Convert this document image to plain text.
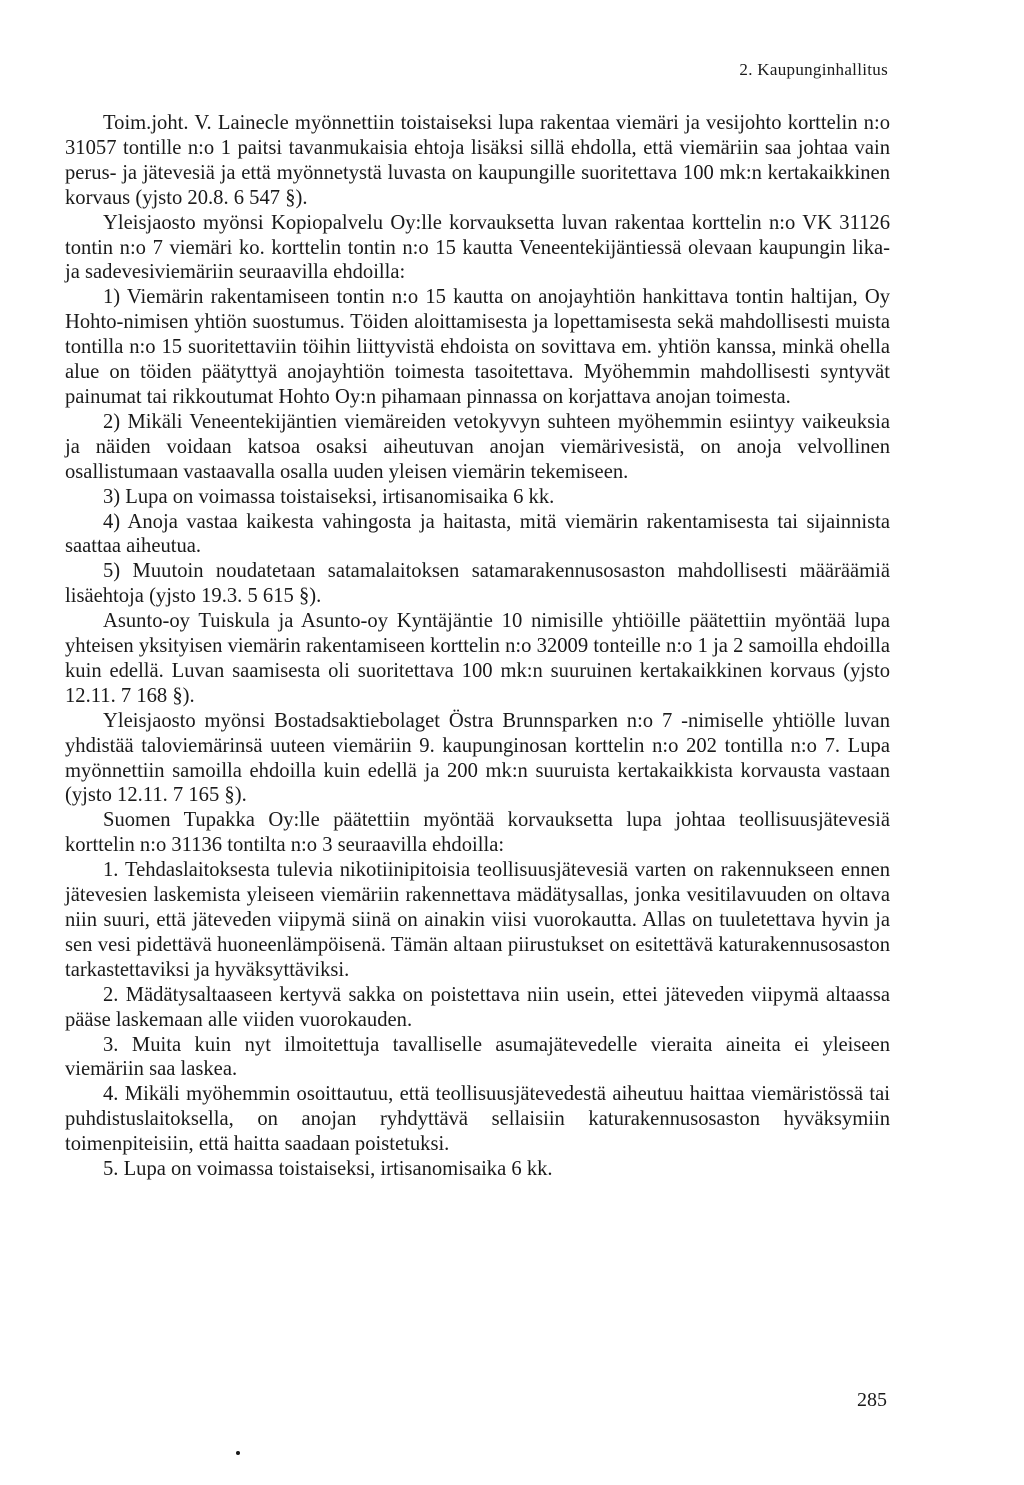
2. Kaupunginhallitus

Toim.joht. V. Lainecle myönnettiin toistaiseksi lupa rakentaa viemäri ja vesijohto korttelin n:o 31057 tontille n:o 1 paitsi tavanmukaisia ehtoja lisäksi sillä ehdolla, että viemäriin saa johtaa vain perus- ja jätevesiä ja että myönnetystä luvasta on kaupungille suoritettava 100 mk:n kertakaikkinen korvaus (yjsto 20.8. 6 547 §).

Yleisjaosto myönsi Kopiopalvelu Oy:lle korvauksetta luvan rakentaa korttelin n:o VK 31126 tontin n:o 7 viemäri ko. korttelin tontin n:o 15 kautta Veneentekijäntiessä olevaan kaupungin lika- ja sadevesiviemäriin seuraavilla ehdoilla:

1) Viemärin rakentamiseen tontin n:o 15 kautta on anojayhtiön hankittava tontin haltijan, Oy Hohto-nimisen yhtiön suostumus. Töiden aloittamisesta ja lopettamisesta sekä mahdollisesti muista tontilla n:o 15 suoritettaviin töihin liittyvistä ehdoista on sovittava em. yhtiön kanssa, minkä ohella alue on töiden päätyttyä anojayhtiön toimesta tasoitettava. Myöhemmin mahdollisesti syntyvät painumat tai rikkoutumat Hohto Oy:n pihamaan pinnassa on korjattava anojan toimesta.

2) Mikäli Veneentekijäntien viemäreiden vetokyvyn suhteen myöhemmin esiintyy vaikeuksia ja näiden voidaan katsoa osaksi aiheutuvan anojan viemärivesistä, on anoja velvollinen osallistumaan vastaavalla osalla uuden yleisen viemärin tekemiseen.

3) Lupa on voimassa toistaiseksi, irtisanomisaika 6 kk.

4) Anoja vastaa kaikesta vahingosta ja haitasta, mitä viemärin rakentamisesta tai sijainnista saattaa aiheutua.

5) Muutoin noudatetaan satamalaitoksen satamarakennusosaston mahdollisesti määräämiä lisäehtoja (yjsto 19.3. 5 615 §).

Asunto-oy Tuiskula ja Asunto-oy Kyntäjäntie 10 nimisille yhtiöille päätettiin myöntää lupa yhteisen yksityisen viemärin rakentamiseen korttelin n:o 32009 tonteille n:o 1 ja 2 samoilla ehdoilla kuin edellä. Luvan saamisesta oli suoritettava 100 mk:n suuruinen kertakaikkinen korvaus (yjsto 12.11. 7 168 §).

Yleisjaosto myönsi Bostadsaktiebolaget Östra Brunnsparken n:o 7 -nimiselle yhtiölle luvan yhdistää taloviemärinsä uuteen viemäriin 9. kaupunginosan korttelin n:o 202 tontilla n:o 7. Lupa myönnettiin samoilla ehdoilla kuin edellä ja 200 mk:n suuruista kertakaikkista korvausta vastaan (yjsto 12.11. 7 165 §).

Suomen Tupakka Oy:lle päätettiin myöntää korvauksetta lupa johtaa teollisuusjätevesiä korttelin n:o 31136 tontilta n:o 3 seuraavilla ehdoilla:

1. Tehdaslaitoksesta tulevia nikotiinipitoisia teollisuusjätevesiä varten on rakennukseen ennen jätevesien laskemista yleiseen viemäriin rakennettava mädätysallas, jonka vesitilavuuden on oltava niin suuri, että jäteveden viipymä siinä on ainakin viisi vuorokautta. Allas on tuuletettava hyvin ja sen vesi pidettävä huoneenlämpöisenä. Tämän altaan piirustukset on esitettävä katurakennusosaston tarkastettaviksi ja hyväksyttäviksi.

2. Mädätysaltaaseen kertyvä sakka on poistettava niin usein, ettei jäteveden viipymä altaassa pääse laskemaan alle viiden vuorokauden.

3. Muita kuin nyt ilmoitettuja tavalliselle asumajätevedelle vieraita aineita ei yleiseen viemäriin saa laskea.

4. Mikäli myöhemmin osoittautuu, että teollisuusjätevedestä aiheutuu haittaa viemäristössä tai puhdistuslaitoksella, on anojan ryhdyttävä sellaisiin katurakennusosaston hyväksymiin toimenpiteisiin, että haitta saadaan poistetuksi.

5. Lupa on voimassa toistaiseksi, irtisanomisaika 6 kk.

285
